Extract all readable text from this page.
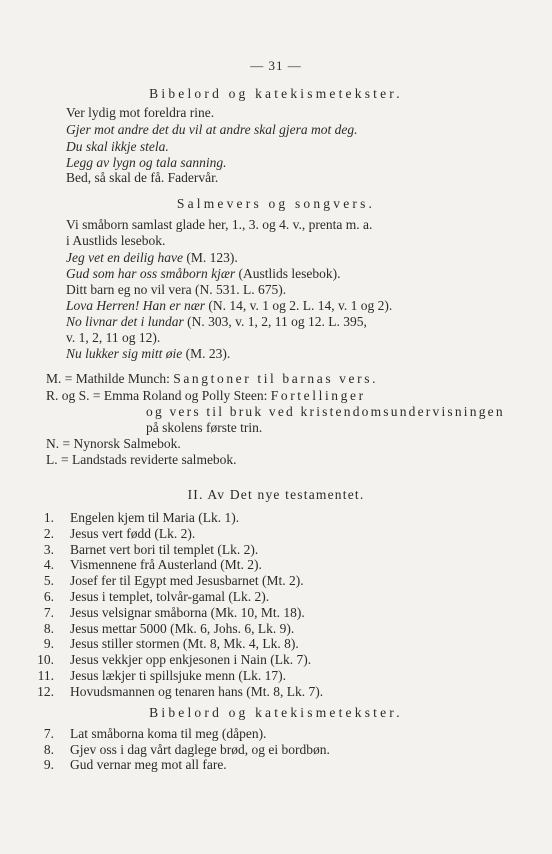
— 31 —
Bibelord og katekismetekster.
Ver lydig mot foreldra rine.
Gjer mot andre det du vil at andre skal gjera mot deg.
Du skal ikkje stela.
Legg av lygn og tala sanning.
Bed, så skal de få. Fadervår.
Salmevers og songvers.
Vi småborn samlast glade her, 1., 3. og 4. v., prenta m. a.
i Austlids lesebok.
Jeg vet en deilig have (M. 123).
Gud som har oss småborn kjær (Austlids lesebok).
Ditt barn eg no vil vera (N. 531. L. 675).
Lova Herren! Han er nær (N. 14, v. 1 og 2. L. 14, v. 1 og 2).
No livnar det i lundar (N. 303, v. 1, 2, 11 og 12. L. 395,
v. 1, 2, 11 og 12).
Nu lukker sig mitt øie (M. 23).
M. = Mathilde Munch: Sangtoner til barnas vers.
R. og S. = Emma Roland og Polly Steen: Fortellinger
og vers til bruk ved kristendomsundervisningen
på skolens første trin.
N. = Nynorsk Salmebok.
L. = Landstads reviderte salmebok.
II. Av Det nye testamentet.
1. Engelen kjem til Maria (Lk. 1).
2. Jesus vert fødd (Lk. 2).
3. Barnet vert bori til templet (Lk. 2).
4. Vismennene frå Austerland (Mt. 2).
5. Josef fer til Egypt med Jesusbarnet (Mt. 2).
6. Jesus i templet, tolvår-gamal (Lk. 2).
7. Jesus velsignar småborna (Mk. 10, Mt. 18).
8. Jesus mettar 5000 (Mk. 6, Johs. 6, Lk. 9).
9. Jesus stiller stormen (Mt. 8, Mk. 4, Lk. 8).
10. Jesus vekkjer opp enkjesonen i Nain (Lk. 7).
11. Jesus lækjer ti spillsjuke menn (Lk. 17).
12. Hovudsmannen og tenaren hans (Mt. 8, Lk. 7).
Bibelord og katekismetekster.
7. Lat småborna koma til meg (dåpen).
8. Gjev oss i dag vårt daglege brød, og ei bordbøn.
9. Gud vernar meg mot all fare.
